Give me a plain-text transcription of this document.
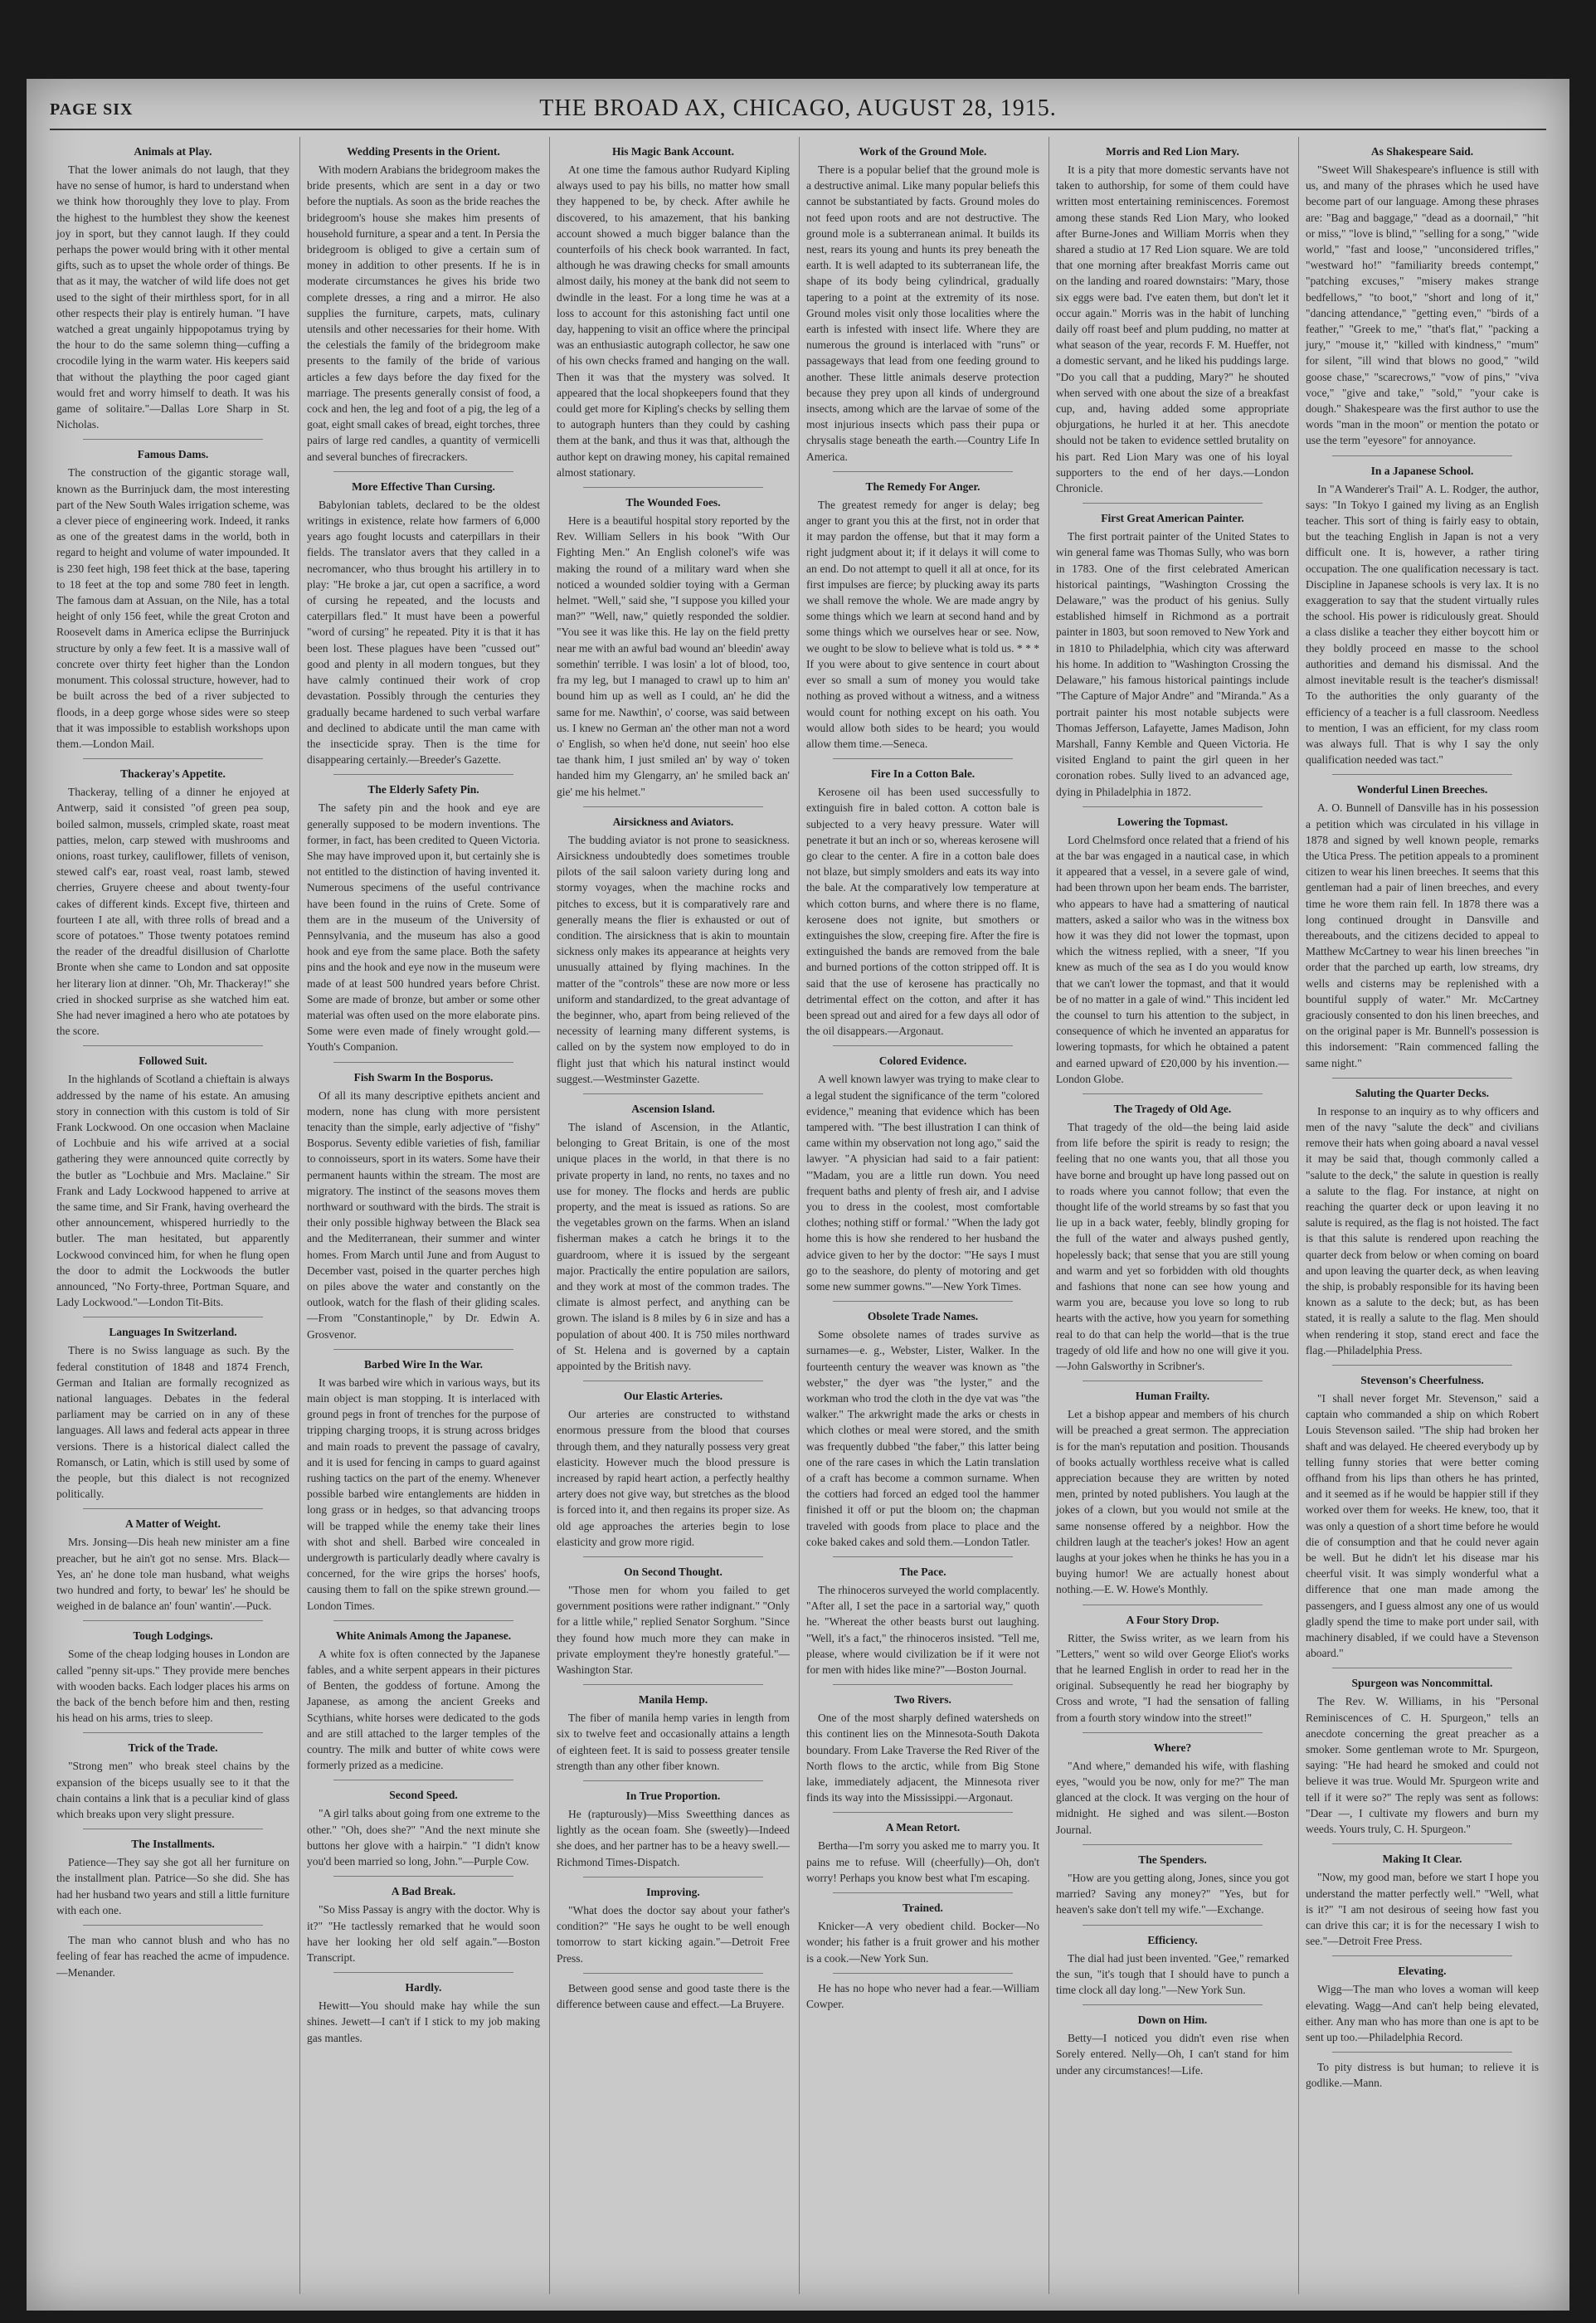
PAGE SIX	THE BROAD AX, CHICAGO, AUGUST 28, 1915.
Animals at Play.

That the lower animals do not laugh, that they have no sense of humor, is hard to understand when we think how thoroughly they love to play. From the highest to the humblest they show the keenest joy in sport, but they cannot laugh. If they could perhaps the power would bring with it other mental gifts, such as to upset the whole order of things. Be that as it may, the watcher of wild life does not get used to the sight of their mirthless sport, for in all other respects their play is entirely human. "I have watched a great ungainly hippopotamus trying by the hour to do the same solemn thing—cuffing a crocodile lying in the warm water. His keepers said that without the plaything the poor caged giant would fret and worry himself to death. It was his game of solitaire."—Dallas Lore Sharp in St. Nicholas.

Famous Dams.

The construction of the gigantic storage wall, known as the Burrinjuck dam, the most interesting part of the New South Wales irrigation scheme, was a clever piece of engineering work. Indeed, it ranks as one of the greatest dams in the world, both in regard to height and volume of water impounded. It is 230 feet high, 198 feet thick at the base, tapering to 18 feet at the top and some 780 feet in length. The famous dam at Assuan, on the Nile, has a total height of only 156 feet, while the great Croton and Roosevelt dams in America eclipse the Burrinjuck structure by only a few feet. It is a massive wall of concrete over thirty feet higher than the London monument. This colossal structure, however, had to be built across the bed of a river subjected to floods, in a deep gorge whose sides were so steep that it was impossible to establish workshops upon them.—London Mail.

Thackeray's Appetite.

Thackeray, telling of a dinner he enjoyed at Antwerp, said it consisted "of green pea soup, boiled salmon, mussels, crimpled skate, roast meat patties, melon, carp stewed with mushrooms and onions, roast turkey, cauliflower, fillets of venison, stewed calf's ear, roast veal, roast lamb, stewed cherries, Gruyere cheese and about twenty-four cakes of different kinds. Except five, thirteen and fourteen I ate all, with three rolls of bread and a score of potatoes." Those twenty potatoes remind the reader of the dreadful disillusion of Charlotte Bronte when she came to London and sat opposite her literary lion at dinner. "Oh, Mr. Thackeray!" she cried in shocked surprise as she watched him eat. She had never imagined a hero who ate potatoes by the score.

Followed Suit.

In the highlands of Scotland a chieftain is always addressed by the name of his estate. An amusing story in connection with this custom is told of Sir Frank Lockwood. On one occasion when Maclaine of Lochbuie and his wife arrived at a social gathering they were announced quite correctly by the butler as "Lochbuie and Mrs. Maclaine." Sir Frank and Lady Lockwood happened to arrive at the same time, and Sir Frank, having overheard the other announcement, whispered hurriedly to the butler. The man hesitated, but apparently Lockwood convinced him, for when he flung open the door to admit the Lockwoods the butler announced, "No Forty-three, Portman Square, and Lady Lockwood."—London Tit-Bits.

Languages In Switzerland.

There is no Swiss language as such. By the federal constitution of 1848 and 1874 French, German and Italian are formally recognized as national languages. Debates in the federal parliament may be carried on in any of these languages. All laws and federal acts appear in three versions. There is a historical dialect called the Romansch, or Latin, which is still used by some of the people, but this dialect is not recognized politically.

A Matter of Weight.

Mrs. Jonsing—Dis heah new minister am a fine preacher, but he ain't got no sense. Mrs. Black—Yes, an' he done tole man husband, what weighs two hundred and forty, to bewar' les' he should be weighed in de balance an' foun' wantin'.—Puck.

Tough Lodgings.

Some of the cheap lodging houses in London are called "penny sit-ups." They provide mere benches with wooden backs. Each lodger places his arms on the back of the bench before him and then, resting his head on his arms, tries to sleep.

Trick of the Trade.

"Strong men" who break steel chains by the expansion of the biceps usually see to it that the chain contains a link that is a peculiar kind of glass which breaks upon very slight pressure.

The Installments.

Patience—They say she got all her furniture on the installment plan. Patrice—So she did. She has had her husband two years and still a little furniture with each one.

The man who cannot blush and who has no feeling of fear has reached the acme of impudence.—Menander.

Wedding Presents in the Orient.

With modern Arabians the bridegroom makes the bride presents, which are sent in a day or two before the nuptials. As soon as the bride reaches the bridegroom's house she makes him presents of household furniture, a spear and a tent. In Persia the bridegroom is obliged to give a certain sum of money in addition to other presents. If he is in moderate circumstances he gives his bride two complete dresses, a ring and a mirror. He also supplies the furniture, carpets, mats, culinary utensils and other necessaries for their home. With the celestials the family of the bridegroom make presents to the family of the bride of various articles a few days before the day fixed for the marriage. The presents generally consist of food, a cock and hen, the leg and foot of a pig, the leg of a goat, eight small cakes of bread, eight torches, three pairs of large red candles, a quantity of vermicelli and several bunches of firecrackers.

More Effective Than Cursing.

Babylonian tablets, declared to be the oldest writings in existence, relate how farmers of 6,000 years ago fought locusts and caterpillars in their fields. The translator avers that they called in a necromancer, who thus brought his artillery in to play: "He broke a jar, cut open a sacrifice, a word of cursing he repeated, and the locusts and caterpillars fled." It must have been a powerful "word of cursing" he repeated. Pity it is that it has been lost. These plagues have been "cussed out" good and plenty in all modern tongues, but they have calmly continued their work of crop devastation. Possibly through the centuries they gradually became hardened to such verbal warfare and declined to abdicate until the man came with the insecticide spray. Then is the time for disappearing certainly.—Breeder's Gazette.

The Elderly Safety Pin.

The safety pin and the hook and eye are generally supposed to be modern inventions. The former, in fact, has been credited to Queen Victoria. She may have improved upon it, but certainly she is not entitled to the distinction of having invented it. Numerous specimens of the useful contrivance have been found in the ruins of Crete. Some of them are in the museum of the University of Pennsylvania, and the museum has also a good hook and eye from the same place. Both the safety pins and the hook and eye now in the museum were made of at least 500 hundred years before Christ. Some are made of bronze, but amber or some other material was often used on the more elaborate pins. Some were even made of finely wrought gold.—Youth's Companion.

Fish Swarm In the Bosporus.

Of all its many descriptive epithets ancient and modern, none has clung with more persistent tenacity than the simple, early adjective of "fishy" Bosporus. Seventy edible varieties of fish, familiar to connoisseurs, sport in its waters. Some have their permanent haunts within the stream. The most are migratory. The instinct of the seasons moves them northward or southward with the birds. The strait is their only possible highway between the Black sea and the Mediterranean, their summer and winter homes. From March until June and from August to December vast, poised in the quarter perches high on piles above the water and constantly on the outlook, watch for the flash of their gliding scales.—From "Constantinople," by Dr. Edwin A. Grosvenor.

Barbed Wire In the War.

It was barbed wire which in various ways, but its main object is man stopping. It is interlaced with ground pegs in front of trenches for the purpose of tripping charging troops, it is strung across bridges and main roads to prevent the passage of cavalry, and it is used for fencing in camps to guard against rushing tactics on the part of the enemy. Whenever possible barbed wire entanglements are hidden in long grass or in hedges, so that advancing troops will be trapped while the enemy take their lines with shot and shell. Barbed wire concealed in undergrowth is particularly deadly where cavalry is concerned, for the wire grips the horses' hoofs, causing them to fall on the spike strewn ground.—London Times.

White Animals Among the Japanese.

A white fox is often connected by the Japanese fables, and a white serpent appears in their pictures of Benten, the goddess of fortune. Among the Japanese, as among the ancient Greeks and Scythians, white horses were dedicated to the gods and are still attached to the larger temples of the country. The milk and butter of white cows were formerly prized as a medicine.

Second Speed.

"A girl talks about going from one extreme to the other." "Oh, does she?" "And the next minute she buttons her glove with a hairpin." "I didn't know you'd been married so long, John."—Purple Cow.

A Bad Break.

"So Miss Passay is angry with the doctor. Why is it?" "He tactlessly remarked that he would soon have her looking her old self again."—Boston Transcript.

Hardly.

Hewitt—You should make hay while the sun shines. Jewett—I can't if I stick to my job making gas mantles.

His Magic Bank Account.

At one time the famous author Rudyard Kipling always used to pay his bills, no matter how small they happened to be, by check. After awhile he discovered, to his amazement, that his banking account showed a much bigger balance than the counterfoils of his check book warranted. In fact, although he was drawing checks for small amounts almost daily, his money at the bank did not seem to dwindle in the least. For a long time he was at a loss to account for this astonishing fact until one day, happening to visit an office where the principal was an enthusiastic autograph collector, he saw one of his own checks framed and hanging on the wall. Then it was that the mystery was solved. It appeared that the local shopkeepers found that they could get more for Kipling's checks by selling them to autograph hunters than they could by cashing them at the bank, and thus it was that, although the author kept on drawing money, his capital remained almost stationary.

The Wounded Foes.

Here is a beautiful hospital story reported by the Rev. William Sellers in his book "With Our Fighting Men." An English colonel's wife was making the round of a military ward when she noticed a wounded soldier toying with a German helmet. "Well," said she, "I suppose you killed your man?" "Well, naw," quietly responded the soldier. "You see it was like this. He lay on the field pretty near me with an awful bad wound an' bleedin' away somethin' terrible. I was losin' a lot of blood, too, fra my leg, but I managed to crawl up to him an' bound him up as well as I could, an' he did the same for me. Nawthin', o' coorse, was said between us. I knew no German an' the other man not a word o' English, so when he'd done, nut seein' hoo else tae thank him, I just smiled an' by way o' token handed him my Glengarry, an' he smiled back an' gie' me his helmet."

Airsickness and Aviators.

The budding aviator is not prone to seasickness. Airsickness undoubtedly does sometimes trouble pilots of the sail saloon variety during long and stormy voyages, when the machine rocks and pitches to excess, but it is comparatively rare and generally means the flier is exhausted or out of condition. The airsickness that is akin to mountain sickness only makes its appearance at heights very unusually attained by flying machines. In the matter of the "controls" these are now more or less uniform and standardized, to the great advantage of the beginner, who, apart from being relieved of the necessity of learning many different systems, is called on by the system now employed to do in flight just that which his natural instinct would suggest.—Westminster Gazette.

Ascension Island.

The island of Ascension, in the Atlantic, belonging to Great Britain, is one of the most unique places in the world, in that there is no private property in land, no rents, no taxes and no use for money. The flocks and herds are public property, and the meat is issued as rations. So are the vegetables grown on the farms. When an island fisherman makes a catch he brings it to the guardroom, where it is issued by the sergeant major. Practically the entire population are sailors, and they work at most of the common trades. The climate is almost perfect, and anything can be grown. The island is 8 miles by 6 in size and has a population of about 400. It is 750 miles northward of St. Helena and is governed by a captain appointed by the British navy.

Our Elastic Arteries.

Our arteries are constructed to withstand enormous pressure from the blood that courses through them, and they naturally possess very great elasticity. However much the blood pressure is increased by rapid heart action, a perfectly healthy artery does not give way, but stretches as the blood is forced into it, and then regains its proper size. As old age approaches the arteries begin to lose elasticity and grow more rigid.

On Second Thought.

"Those men for whom you failed to get government positions were rather indignant." "Only for a little while," replied Senator Sorghum. "Since they found how much more they can make in private employment they're honestly grateful."—Washington Star.

Manila Hemp.

The fiber of manila hemp varies in length from six to twelve feet and occasionally attains a length of eighteen feet. It is said to possess greater tensile strength than any other fiber known.

In True Proportion.

He (rapturously)—Miss Sweetthing dances as lightly as the ocean foam. She (sweetly)—Indeed she does, and her partner has to be a heavy swell.—Richmond Times-Dispatch.

Improving.

"What does the doctor say about your father's condition?" "He says he ought to be well enough tomorrow to start kicking again."—Detroit Free Press.

Between good sense and good taste there is the difference between cause and effect.—La Bruyere.

Work of the Ground Mole.

There is a popular belief that the ground mole is a destructive animal. Like many popular beliefs this cannot be substantiated by facts. Ground moles do not feed upon roots and are not destructive. The ground mole is a subterranean animal. It builds its nest, rears its young and hunts its prey beneath the earth. It is well adapted to its subterranean life, the shape of its body being cylindrical, gradually tapering to a point at the extremity of its nose. Ground moles visit only those localities where the earth is infested with insect life. Where they are numerous the ground is interlaced with "runs" or passageways that lead from one feeding ground to another. These little animals deserve protection because they prey upon all kinds of underground insects, among which are the larvae of some of the most injurious insects which pass their pupa or chrysalis stage beneath the earth.—Country Life In America.

The Remedy For Anger.

The greatest remedy for anger is delay; beg anger to grant you this at the first, not in order that it may pardon the offense, but that it may form a right judgment about it; if it delays it will come to an end. Do not attempt to quell it all at once, for its first impulses are fierce; by plucking away its parts we shall remove the whole. We are made angry by some things which we learn at second hand and by some things which we ourselves hear or see. Now, we ought to be slow to believe what is told us. * * * If you were about to give sentence in court about ever so small a sum of money you would take nothing as proved without a witness, and a witness would count for nothing except on his oath. You would allow both sides to be heard; you would allow them time.—Seneca.

Fire In a Cotton Bale.

Kerosene oil has been used successfully to extinguish fire in baled cotton. A cotton bale is subjected to a very heavy pressure. Water will penetrate it but an inch or so, whereas kerosene will go clear to the center. A fire in a cotton bale does not blaze, but simply smolders and eats its way into the bale. At the comparatively low temperature at which cotton burns, and where there is no flame, kerosene does not ignite, but smothers or extinguishes the slow, creeping fire. After the fire is extinguished the bands are removed from the bale and burned portions of the cotton stripped off. It is said that the use of kerosene has practically no detrimental effect on the cotton, and after it has been spread out and aired for a few days all odor of the oil disappears.—Argonaut.

Colored Evidence.

A well known lawyer was trying to make clear to a legal student the significance of the term "colored evidence," meaning that evidence which has been tampered with. "The best illustration I can think of came within my observation not long ago," said the lawyer. "A physician had said to a fair patient: "'Madam, you are a little run down. You need frequent baths and plenty of fresh air, and I advise you to dress in the coolest, most comfortable clothes; nothing stiff or formal.' "When the lady got home this is how she rendered to her husband the advice given to her by the doctor: "'He says I must go to the seashore, do plenty of motoring and get some new summer gowns.'"—New York Times.

Obsolete Trade Names.

Some obsolete names of trades survive as surnames—e. g., Webster, Lister, Walker. In the fourteenth century the weaver was known as "the webster," the dyer was "the lyster," and the workman who trod the cloth in the dye vat was "the walker." The arkwright made the arks or chests in which clothes or meal were stored, and the smith was frequently dubbed "the faber," this latter being one of the rare cases in which the Latin translation of a craft has become a common surname. When the cottiers had forced an edged tool the hammer finished it off or put the bloom on; the chapman traveled with goods from place to place and the coke baked cakes and sold them.—London Tatler.

The Pace.

The rhinoceros surveyed the world complacently. "After all, I set the pace in a sartorial way," quoth he. "Whereat the other beasts burst out laughing. "Well, it's a fact," the rhinoceros insisted. "Tell me, please, where would civilization be if it were not for men with hides like mine?"—Boston Journal.

Two Rivers.

One of the most sharply defined watersheds on this continent lies on the Minnesota-South Dakota boundary. From Lake Traverse the Red River of the North flows to the arctic, while from Big Stone lake, immediately adjacent, the Minnesota river finds its way into the Mississippi.—Argonaut.

A Mean Retort.

Bertha—I'm sorry you asked me to marry you. It pains me to refuse. Will (cheerfully)—Oh, don't worry! Perhaps you know best what I'm escaping.

Trained.

Knicker—A very obedient child. Bocker—No wonder; his father is a fruit grower and his mother is a cook.—New York Sun.

He has no hope who never had a fear.—William Cowper.

Morris and Red Lion Mary.

It is a pity that more domestic servants have not taken to authorship, for some of them could have written most entertaining reminiscences. Foremost among these stands Red Lion Mary, who looked after Burne-Jones and William Morris when they shared a studio at 17 Red Lion square. We are told that one morning after breakfast Morris came out on the landing and roared downstairs: "Mary, those six eggs were bad. I've eaten them, but don't let it occur again." Morris was in the habit of lunching daily off roast beef and plum pudding, no matter at what season of the year, records F. M. Hueffer, not a domestic servant, and he liked his puddings large. "Do you call that a pudding, Mary?" he shouted when served with one about the size of a breakfast cup, and, having added some appropriate objurgations, he hurled it at her. This anecdote should not be taken to evidence settled brutality on his part. Red Lion Mary was one of his loyal supporters to the end of her days.—London Chronicle.

First Great American Painter.

The first portrait painter of the United States to win general fame was Thomas Sully, who was born in 1783. One of the first celebrated American historical paintings, "Washington Crossing the Delaware," was the product of his genius. Sully established himself in Richmond as a portrait painter in 1803, but soon removed to New York and in 1810 to Philadelphia, which city was afterward his home. In addition to "Washington Crossing the Delaware," his famous historical paintings include "The Capture of Major Andre" and "Miranda." As a portrait painter his most notable subjects were Thomas Jefferson, Lafayette, James Madison, John Marshall, Fanny Kemble and Queen Victoria. He visited England to paint the girl queen in her coronation robes. Sully lived to an advanced age, dying in Philadelphia in 1872.

Lowering the Topmast.

Lord Chelmsford once related that a friend of his at the bar was engaged in a nautical case, in which it appeared that a vessel, in a severe gale of wind, had been thrown upon her beam ends. The barrister, who appears to have had a smattering of nautical matters, asked a sailor who was in the witness box how it was they did not lower the topmast, upon which the witness replied, with a sneer, "If you knew as much of the sea as I do you would know that we can't lower the topmast, and that it would be of no matter in a gale of wind." This incident led the counsel to turn his attention to the subject, in consequence of which he invented an apparatus for lowering topmasts, for which he obtained a patent and earned upward of £20,000 by his invention.—London Globe.

The Tragedy of Old Age.

That tragedy of the old—the being laid aside from life before the spirit is ready to resign; the feeling that no one wants you, that all those you have borne and brought up have long passed out on to roads where you cannot follow; that even the thought life of the world streams by so fast that you lie up in a back water, feebly, blindly groping for the full of the water and always pushed gently, hopelessly back; that sense that you are still young and warm and yet so forbidden with old thoughts and fashions that none can see how young and warm you are, because you love so long to rub hearts with the active, how you yearn for something real to do that can help the world—that is the true tragedy of old life and how no one will give it you.—John Galsworthy in Scribner's.

Human Frailty.

Let a bishop appear and members of his church will be preached a great sermon. The appreciation is for the man's reputation and position. Thousands of books actually worthless receive what is called appreciation because they are written by noted men, printed by noted publishers. You laugh at the jokes of a clown, but you would not smile at the same nonsense offered by a neighbor. How the children laugh at the teacher's jokes! How an agent laughs at your jokes when he thinks he has you in a buying humor! We are actually honest about nothing.—E. W. Howe's Monthly.

A Four Story Drop.

Ritter, the Swiss writer, as we learn from his "Letters," went so wild over George Eliot's works that he learned English in order to read her in the original. Subsequently he read her biography by Cross and wrote, "I had the sensation of falling from a fourth story window into the street!"

Where?

"And where," demanded his wife, with flashing eyes, "would you be now, only for me?" The man glanced at the clock. It was verging on the hour of midnight. He sighed and was silent.—Boston Journal.

The Spenders.

"How are you getting along, Jones, since you got married? Saving any money?" "Yes, but for heaven's sake don't tell my wife."—Exchange.

Efficiency.

The dial had just been invented. "Gee," remarked the sun, "it's tough that I should have to punch a time clock all day long."—New York Sun.

Down on Him.

Betty—I noticed you didn't even rise when Sorely entered. Nelly—Oh, I can't stand for him under any circumstances!—Life.

As Shakespeare Said.

"Sweet Will Shakespeare's influence is still with us, and many of the phrases which he used have become part of our language. Among these phrases are: "Bag and baggage," "dead as a doornail," "hit or miss," "love is blind," "selling for a song," "wide world," "fast and loose," "unconsidered trifles," "westward ho!" "familiarity breeds contempt," "patching excuses," "misery makes strange bedfellows," "to boot," "short and long of it," "dancing attendance," "getting even," "birds of a feather," "Greek to me," "that's flat," "packing a jury," "mouse it," "killed with kindness," "mum" for silent, "ill wind that blows no good," "wild goose chase," "scarecrows," "vow of pins," "viva voce," "give and take," "sold," "your cake is dough." Shakespeare was the first author to use the words "man in the moon" or mention the potato or use the term "eyesore" for annoyance.

In a Japanese School.

In "A Wanderer's Trail" A. L. Rodger, the author, says: "In Tokyo I gained my living as an English teacher. This sort of thing is fairly easy to obtain, but the teaching English in Japan is not a very difficult one. It is, however, a rather tiring occupation. The one qualification necessary is tact. Discipline in Japanese schools is very lax. It is no exaggeration to say that the student virtually rules the school. His power is ridiculously great. Should a class dislike a teacher they either boycott him or they boldly proceed en masse to the school authorities and demand his dismissal. And the almost inevitable result is the teacher's dismissal! To the authorities the only guaranty of the efficiency of a teacher is a full classroom. Needless to mention, I was an efficient, for my class room was always full. That is why I say the only qualification needed was tact."

Wonderful Linen Breeches.

A. O. Bunnell of Dansville has in his possession a petition which was circulated in his village in 1878 and signed by well known people, remarks the Utica Press. The petition appeals to a prominent citizen to wear his linen breeches. It seems that this gentleman had a pair of linen breeches, and every time he wore them rain fell. In 1878 there was a long continued drought in Dansville and thereabouts, and the citizens decided to appeal to Matthew McCartney to wear his linen breeches "in order that the parched up earth, low streams, dry wells and cisterns may be replenished with a bountiful supply of water." Mr. McCartney graciously consented to don his linen breeches, and on the original paper is Mr. Bunnell's possession is this indorsement: "Rain commenced falling the same night."

Saluting the Quarter Decks.

In response to an inquiry as to why officers and men of the navy "salute the deck" and civilians remove their hats when going aboard a naval vessel it may be said that, though commonly called a "salute to the deck," the salute in question is really a salute to the flag. For instance, at night on reaching the quarter deck or upon leaving it no salute is required, as the flag is not hoisted. The fact is that this salute is rendered upon reaching the quarter deck from below or when coming on board and upon leaving the quarter deck, as when leaving the ship, is probably responsible for its having been known as a salute to the deck; but, as has been stated, it is really a salute to the flag. Men should when rendering it stop, stand erect and face the flag.—Philadelphia Press.

Stevenson's Cheerfulness.

"I shall never forget Mr. Stevenson," said a captain who commanded a ship on which Robert Louis Stevenson sailed. "The ship had broken her shaft and was delayed. He cheered everybody up by telling funny stories that were better coming offhand from his lips than others he has printed, and it seemed as if he would be happier still if they worked over them for weeks. He knew, too, that it was only a question of a short time before he would die of consumption and that he could never again be well. But he didn't let his disease mar his cheerful visit. It was simply wonderful what a difference that one man made among the passengers, and I guess almost any one of us would gladly spend the time to make port under sail, with machinery disabled, if we could have a Stevenson aboard."

Spurgeon was Noncommittal.

The Rev. W. Williams, in his "Personal Reminiscences of C. H. Spurgeon," tells an anecdote concerning the great preacher as a smoker. Some gentleman wrote to Mr. Spurgeon, saying: "He had heard he smoked and could not believe it was true. Would Mr. Spurgeon write and tell if it were so?" The reply was sent as follows: "Dear —, I cultivate my flowers and burn my weeds. Yours truly, C. H. Spurgeon."

Making It Clear.

"Now, my good man, before we start I hope you understand the matter perfectly well." "Well, what is it?" "I am not desirous of seeing how fast you can drive this car; it is for the necessary I wish to see."—Detroit Free Press.

Elevating.

Wigg—The man who loves a woman will keep elevating. Wagg—And can't help being elevated, either. Any man who has more than one is apt to be sent up too.—Philadelphia Record.

To pity distress is but human; to relieve it is godlike.—Mann.
